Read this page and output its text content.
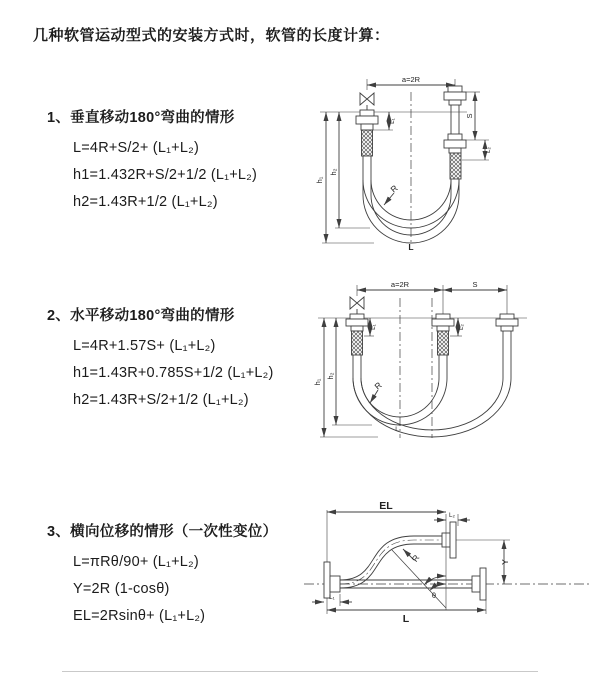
几种软管运动型式的安装方式时，软管的长度计算：
1、垂直移动180°弯曲的情形
L=4R+S/2+ (L₁+L₂)
h1=1.432R+S/2+1/2 (L₁+L₂)
h2=1.43R+1/2 (L₁+L₂)
2、水平移动180°弯曲的情形
L=4R+1.57S+ (L₁+L₂)
h1=1.43R+0.785S+1/2 (L₁+L₂)
h2=1.43R+S/2+1/2 (L₁+L₂)
3、横向位移的情形（一次性变位）
L=πRθ/90+ (L₁+L₂)
Y=2R (1-cosθ)
EL=2Rsinθ+ (L₁+L₂)
a=2R
h₁
h₂
L₁
S
L₂
R
L
a=2R	S
h₁
h₂
L₁	L₂
R
L
EL
L₂
Y
R
θ
L
L₁
